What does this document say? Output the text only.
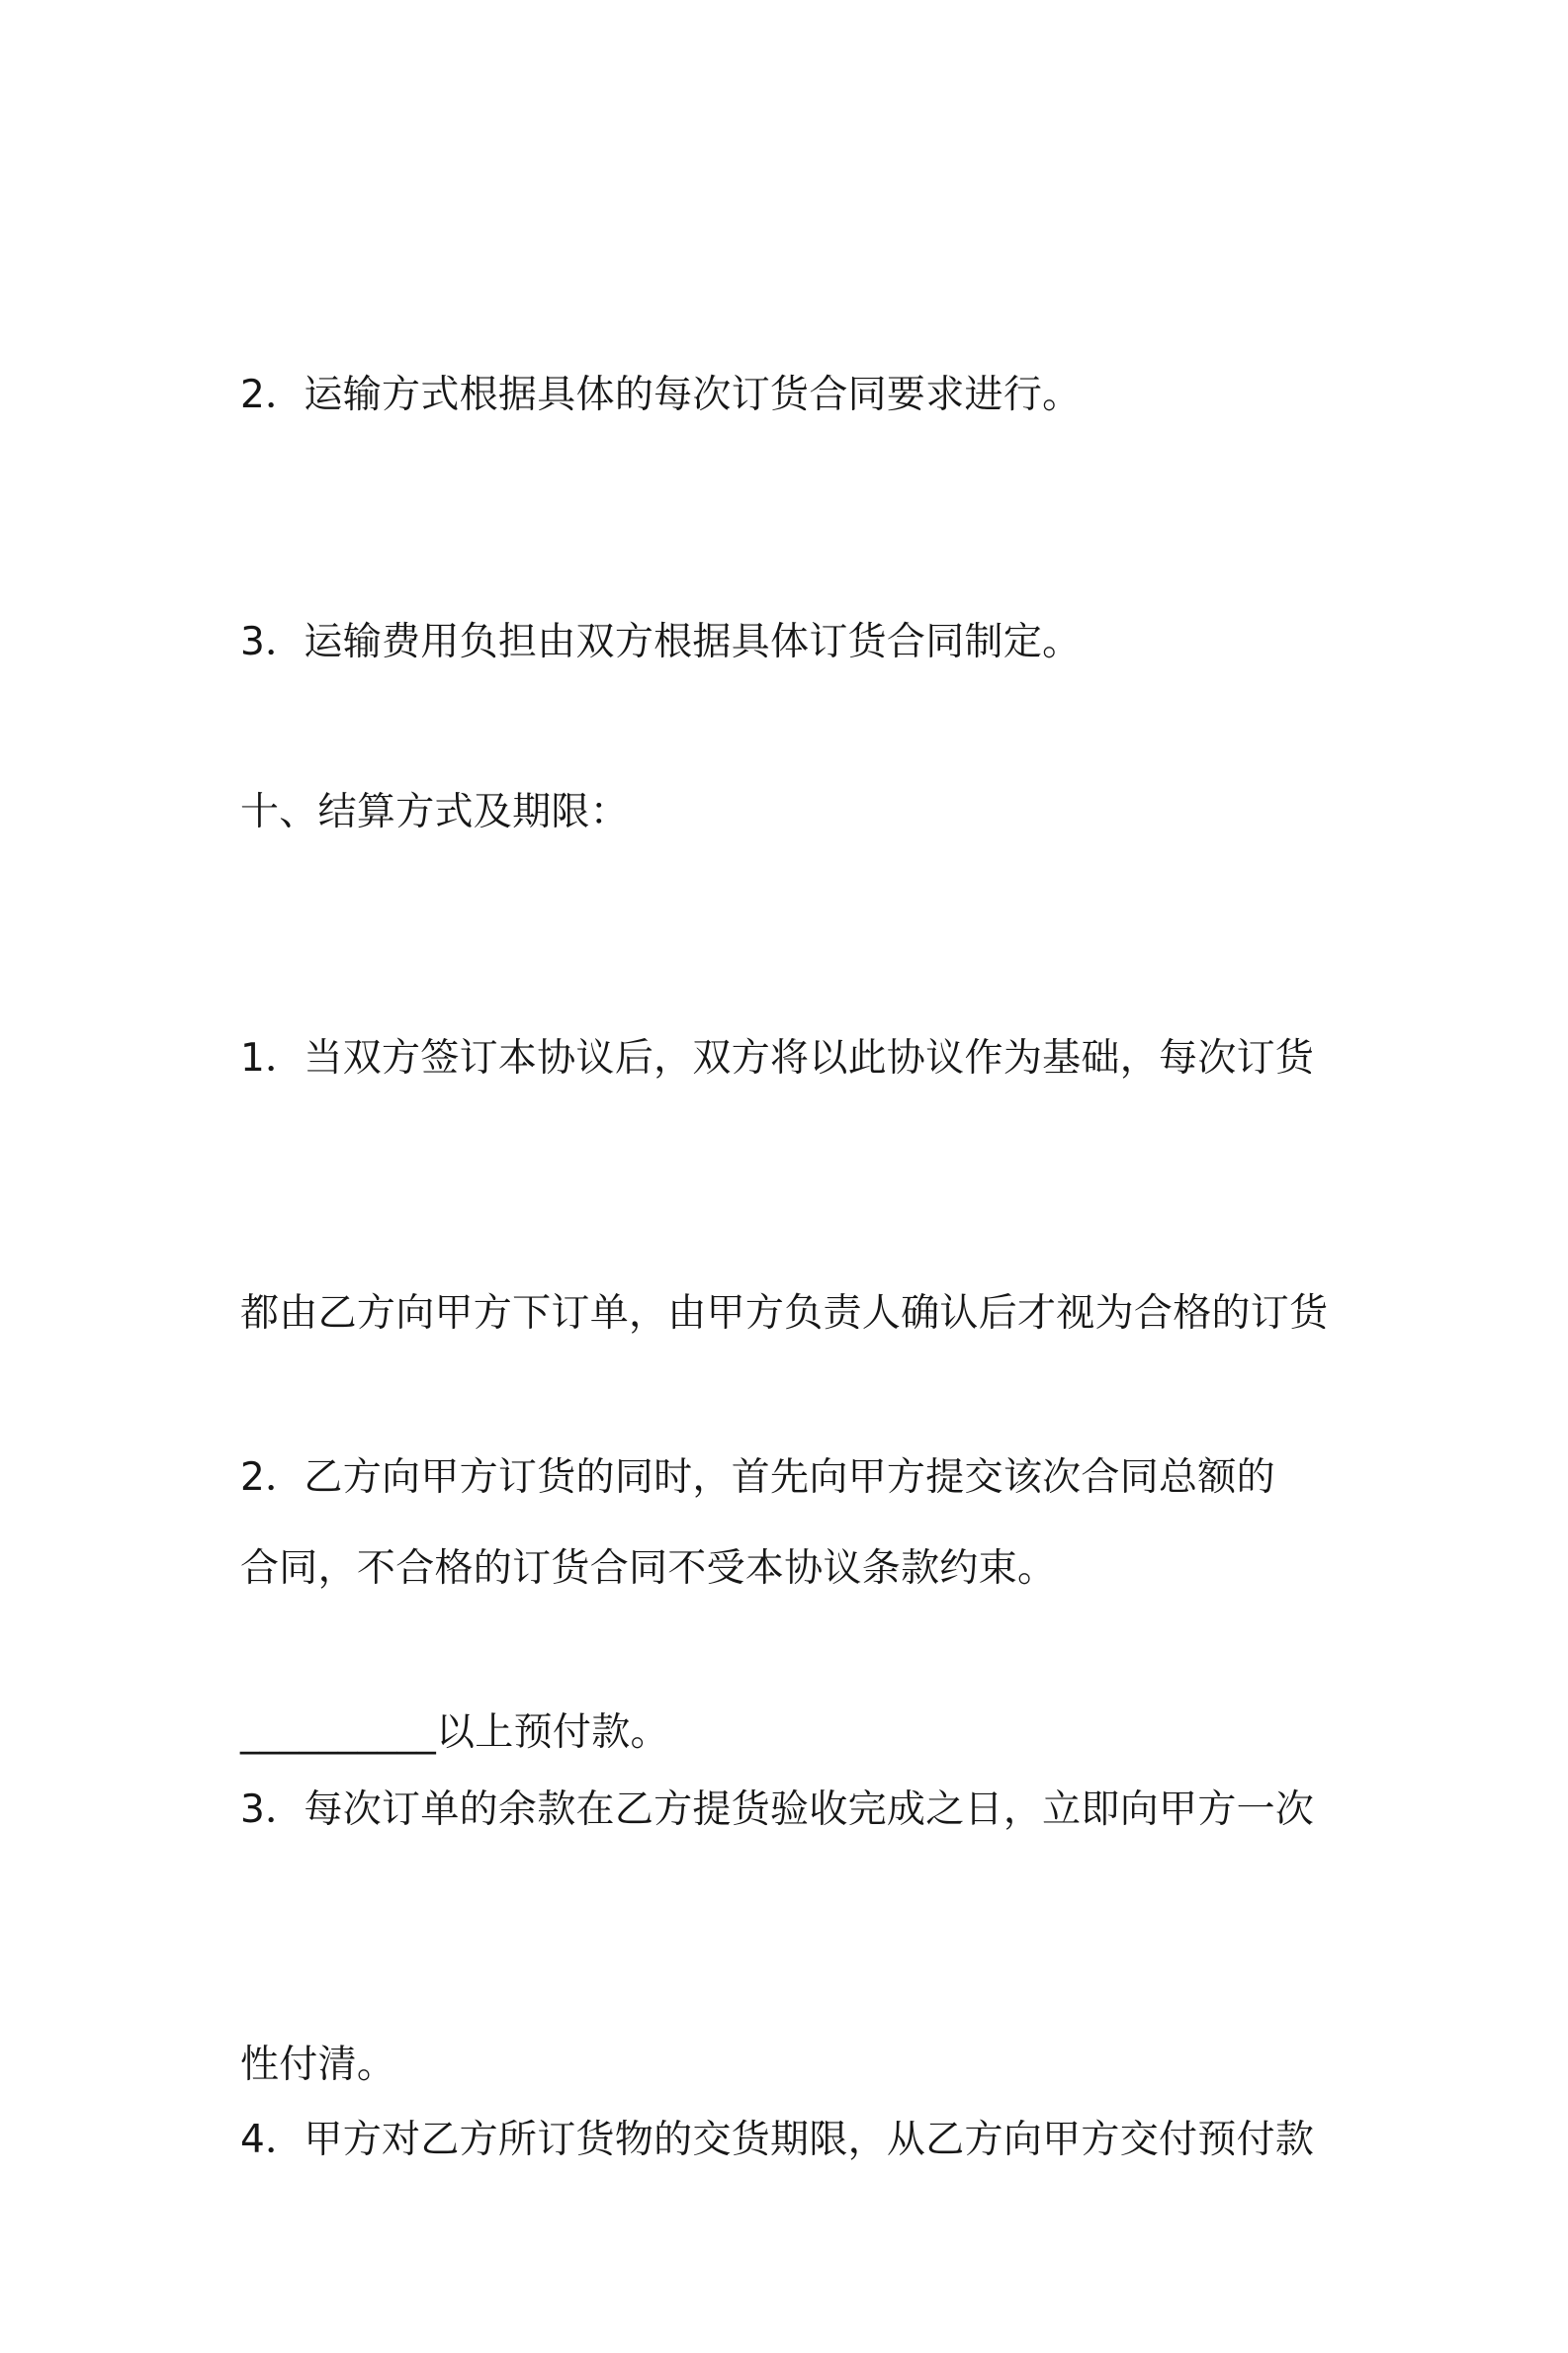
2．运输方式根据具体的每次订货合同要求进行。

3．运输费用负担由双方根据具体订货合同制定。

十、结算方式及期限：

1．当双方签订本协议后，双方将以此协议作为基础，每次订货

都由乙方向甲方下订单，由甲方负责人确认后才视为合格的订货

合同，不合格的订货合同不受本协议条款约束。

2．乙方向甲方订货的同时，首先向甲方提交该次合同总额的

__________以上预付款。

3．每次订单的余款在乙方提货验收完成之日，立即向甲方一次

性付清。

4．甲方对乙方所订货物的交货期限，从乙方向甲方交付预付款
